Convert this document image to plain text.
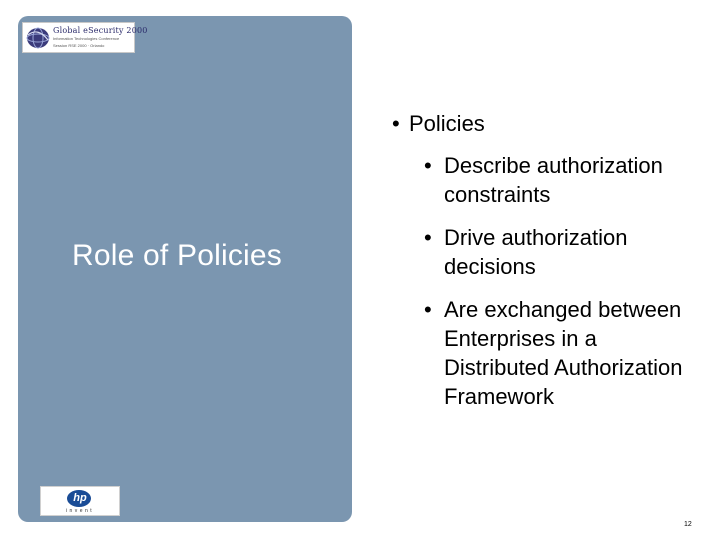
Global eSecurity 2000
Information Technologies Conference
Session RSE 2000 · Orlando
Role of Policies
hp
invent
• Policies
• Describe authorization constraints
• Drive authorization decisions
• Are exchanged between Enterprises in a Distributed Authorization Framework
12
